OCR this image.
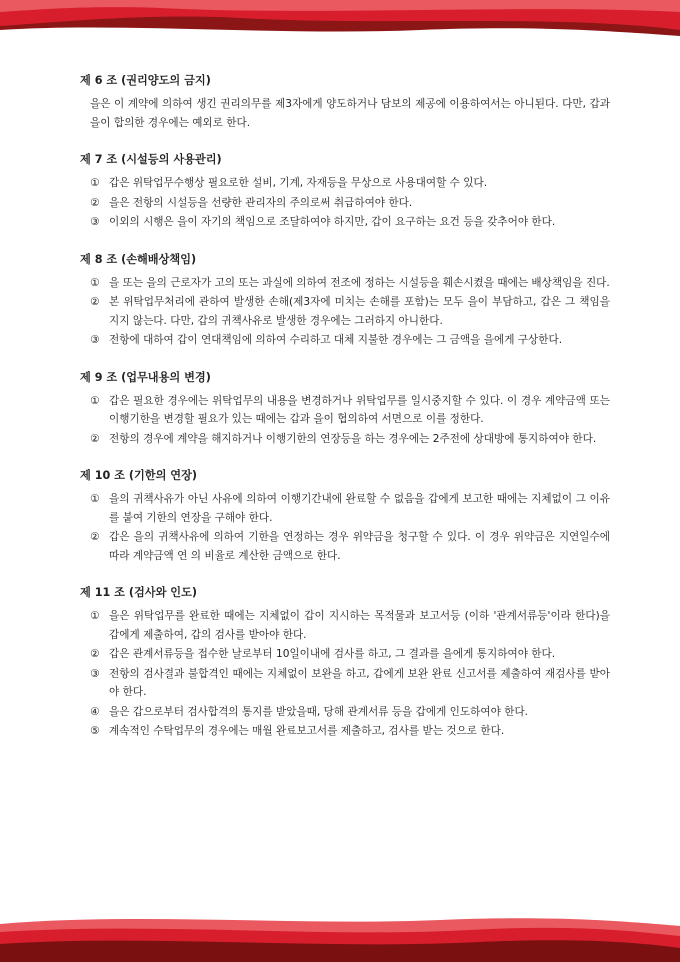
제 6 조 (권리양도의 금지)

을은 이 계약에 의하여 생긴 권리의무를 제3자에게 양도하거나 담보의 제공에 이용하여서는 아니된다. 다만, 갑과 을이 합의한 경우에는 예외로 한다.

제 7 조 (시설등의 사용관리)
① 갑은 위탁업무수행상 필요로한 설비, 기계, 자재등을 무상으로 사용대여할 수 있다.
② 을은 전항의 시설등을 선량한 관리자의 주의로써 취급하여야 한다.
③ 이외의 시행은 을이 자기의 책임으로 조달하여야 하지만, 갑이 요구하는 요건 등을 갖추어야 한다.
제 8 조 (손해배상책임)
① 을 또는 을의 근로자가 고의 또는 과실에 의하여 전조에 정하는 시설등을 훼손시켰을 때에는 배상책임을 진다.
② 본 위탁업무처리에 관하여 발생한 손해(제3자에 미치는 손해를 포함)는 모두 을이 부담하고, 갑은 그 책임을 지지 않는다. 다만, 갑의 귀책사유로 발생한 경우에는 그러하지 아니한다.
③ 전항에 대하여 갑이 연대책임에 의하여 수리하고 대체 지불한 경우에는 그 금액을 을에게 구상한다.
제 9 조 (업무내용의 변경)
① 갑은 필요한 경우에는 위탁업무의 내용을 변경하거나 위탁업무를 일시중지할 수 있다. 이 경우 계약금액 또는 이행기한을 변경할 필요가 있는 때에는 갑과 을이 협의하여 서면으로 이를 정한다.
② 전항의 경우에 계약을 해지하거나 이행기한의 연장등을 하는 경우에는 2주전에 상대방에 통지하여야 한다.
제 10 조 (기한의 연장)
① 을의 귀책사유가 아닌 사유에 의하여 이행기간내에 완료할 수 없음을 갑에게 보고한 때에는 지체없이 그 이유를 붙여 기한의 연장을 구해야 한다.
② 갑은 을의 귀책사유에 의하여 기한을 연정하는 경우 위약금을 청구할 수 있다. 이 경우 위약금은 지연일수에 따라 계약금액 연 의 비율로 계산한 금액으로 한다.
제 11 조 (검사와 인도)
① 을은 위탁업무를 완료한 때에는 지체없이 갑이 지시하는 목적물과 보고서등 (이하 '관계서류등'이라 한다)을 갑에게 제출하여, 갑의 검사를 받아야 한다.
② 갑은 관계서류등을 접수한 날로부터 10일이내에 검사를 하고, 그 결과를 을에게 통지하여야 한다.
③ 전항의 검사결과 불합격인 때에는 지체없이 보완을 하고, 갑에게 보완 완료 신고서를 제출하여 재검사를 받아야 한다.
④ 을은 갑으로부터 검사합격의 통지를 받았을때, 당해 관계서류 등을 갑에게 인도하여야 한다.
⑤ 계속적인 수탁업무의 경우에는 매월 완료보고서를 제출하고, 검사를 받는 것으로 한다.
